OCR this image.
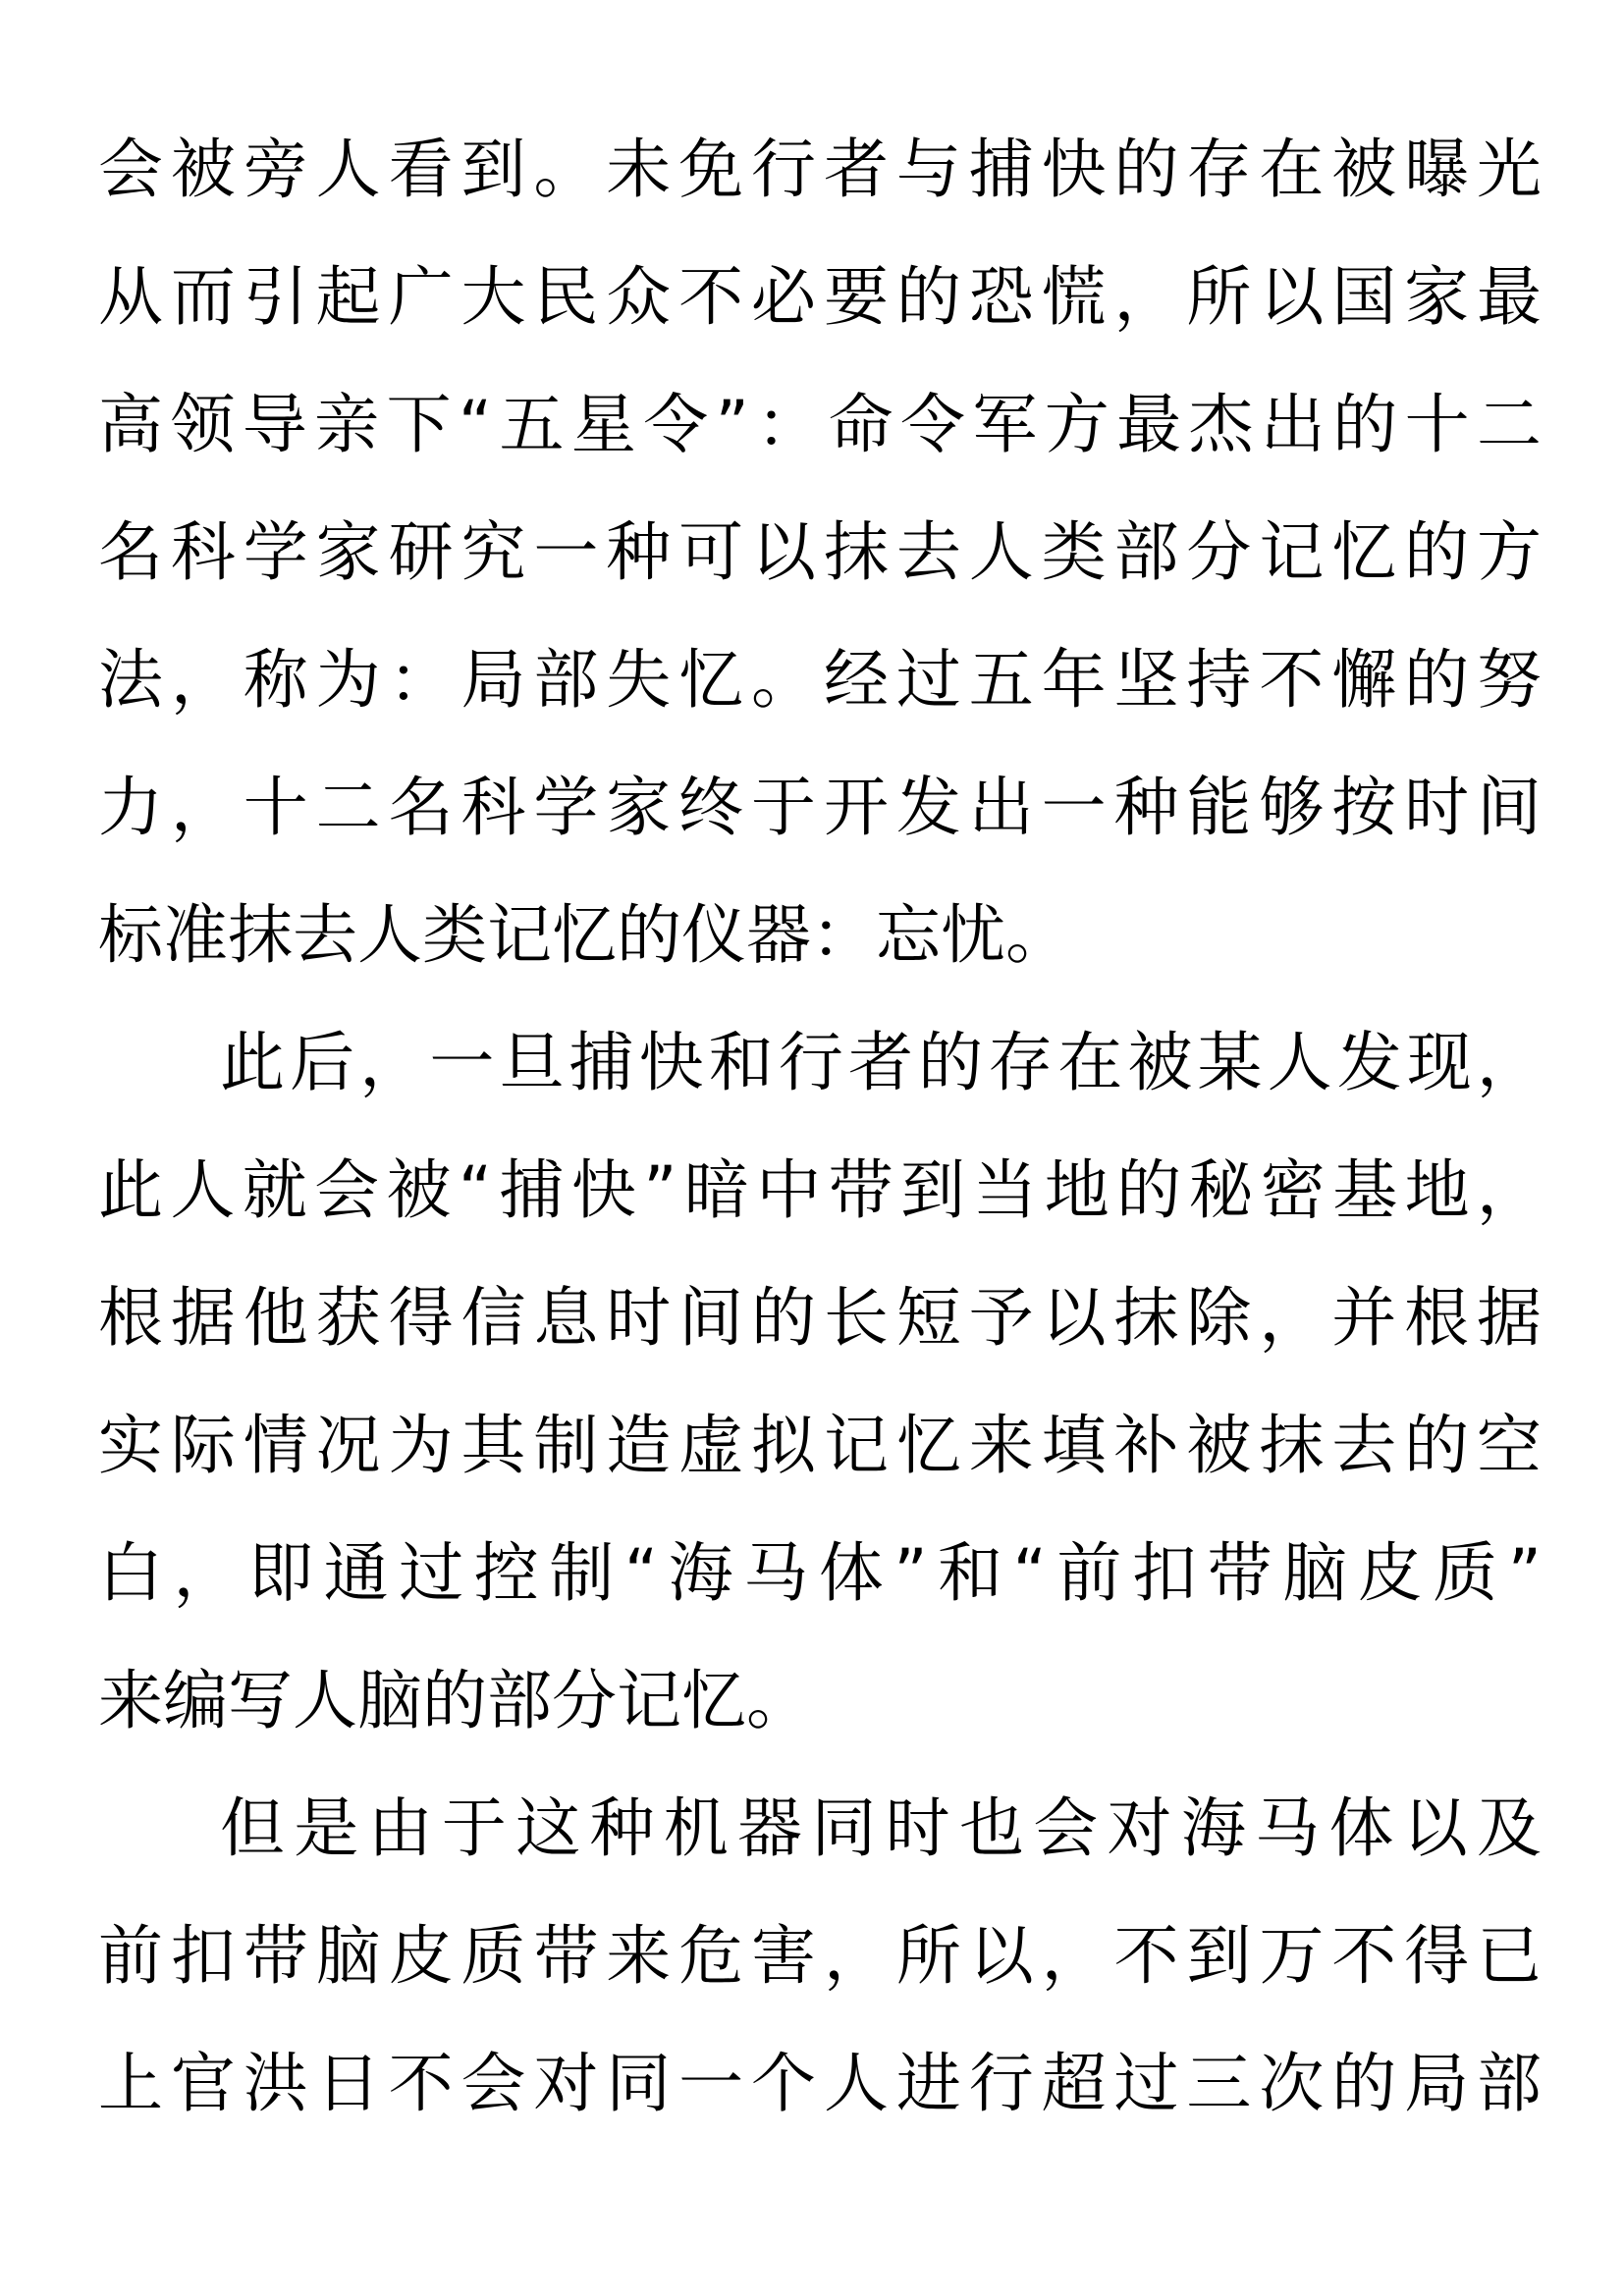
会被旁人看到。未免行者与捕快的存在被曝光
从而引起广大民众不必要的恐慌，所以国家最
高领导亲下“五星令”：命令军方最杰出的十二
名科学家研究一种可以抹去人类部分记忆的方
法，称为：局部失忆。经过五年坚持不懈的努
力，十二名科学家终于开发出一种能够按时间
标准抹去人类记忆的仪器：忘忧。
此后，一旦捕快和行者的存在被某人发现，
此人就会被“捕快”暗中带到当地的秘密基地，
根据他获得信息时间的长短予以抹除，并根据
实际情况为其制造虚拟记忆来填补被抹去的空
白，即通过控制“海马体”和“前扣带脑皮质”
来编写人脑的部分记忆。
但是由于这种机器同时也会对海马体以及
前扣带脑皮质带来危害，所以，不到万不得已
上官洪日不会对同一个人进行超过三次的局部
